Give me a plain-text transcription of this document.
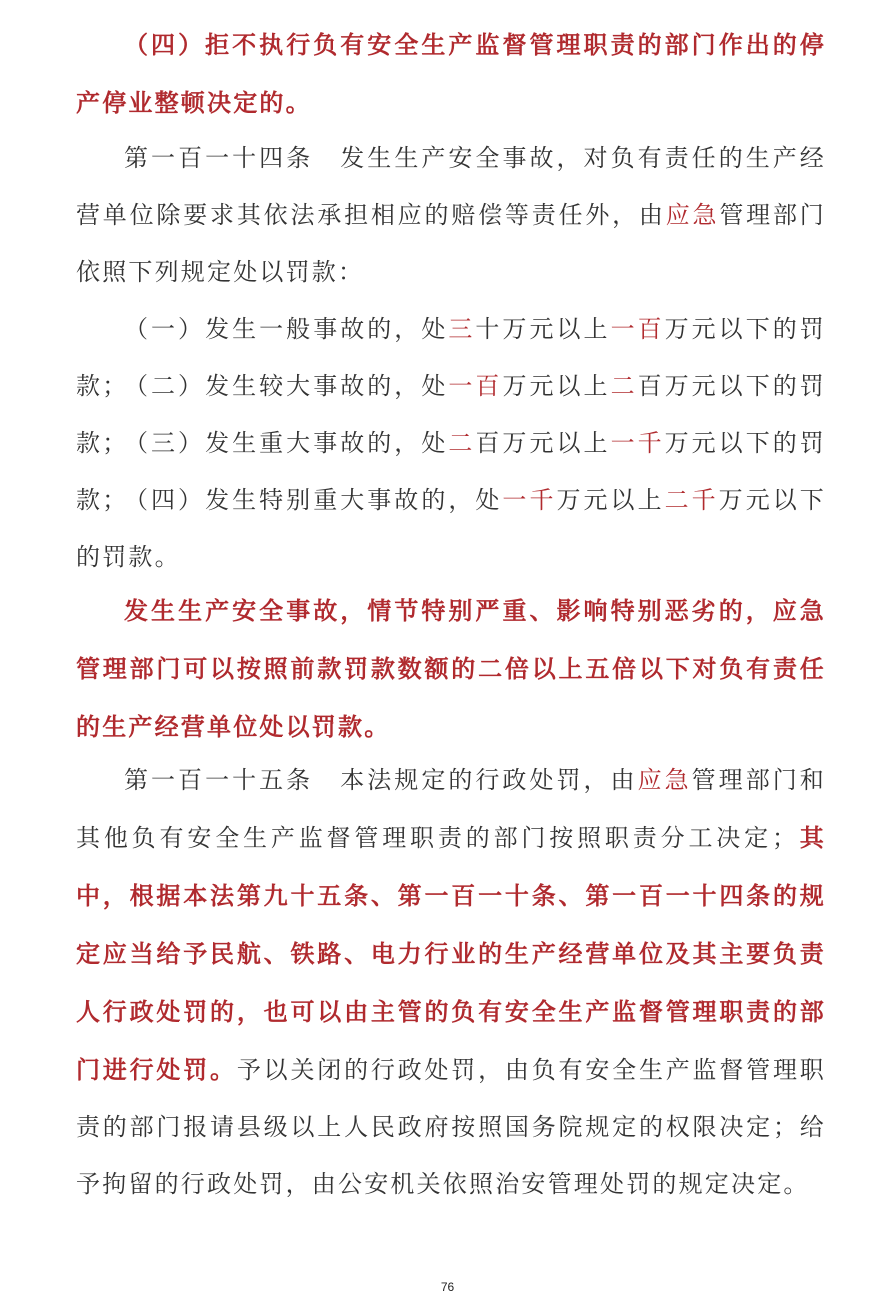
（四）拒不执行负有安全生产监督管理职责的部门作出的停产停业整顿决定的。

第一百一十四条　发生生产安全事故，对负有责任的生产经营单位除要求其依法承担相应的赔偿等责任外，由应急管理部门依照下列规定处以罚款：

（一）发生一般事故的，处三十万元以上一百万元以下的罚款；

（二）发生较大事故的，处一百万元以上二百万元以下的罚款；

（三）发生重大事故的，处二百万元以上一千万元以下的罚款；

（四）发生特别重大事故的，处一千万元以上二千万元以下的罚款。

发生生产安全事故，情节特别严重、影响特别恶劣的，应急管理部门可以按照前款罚款数额的二倍以上五倍以下对负有责任的生产经营单位处以罚款。

第一百一十五条　本法规定的行政处罚，由应急管理部门和其他负有安全生产监督管理职责的部门按照职责分工决定；其中，根据本法第九十五条、第一百一十条、第一百一十四条的规定应当给予民航、铁路、电力行业的生产经营单位及其主要负责人行政处罚的，也可以由主管的负有安全生产监督管理职责的部门进行处罚。予以关闭的行政处罚，由负有安全生产监督管理职责的部门报请县级以上人民政府按照国务院规定的权限决定；给予拘留的行政处罚，由公安机关依照治安管理处罚的规定决定。

76
